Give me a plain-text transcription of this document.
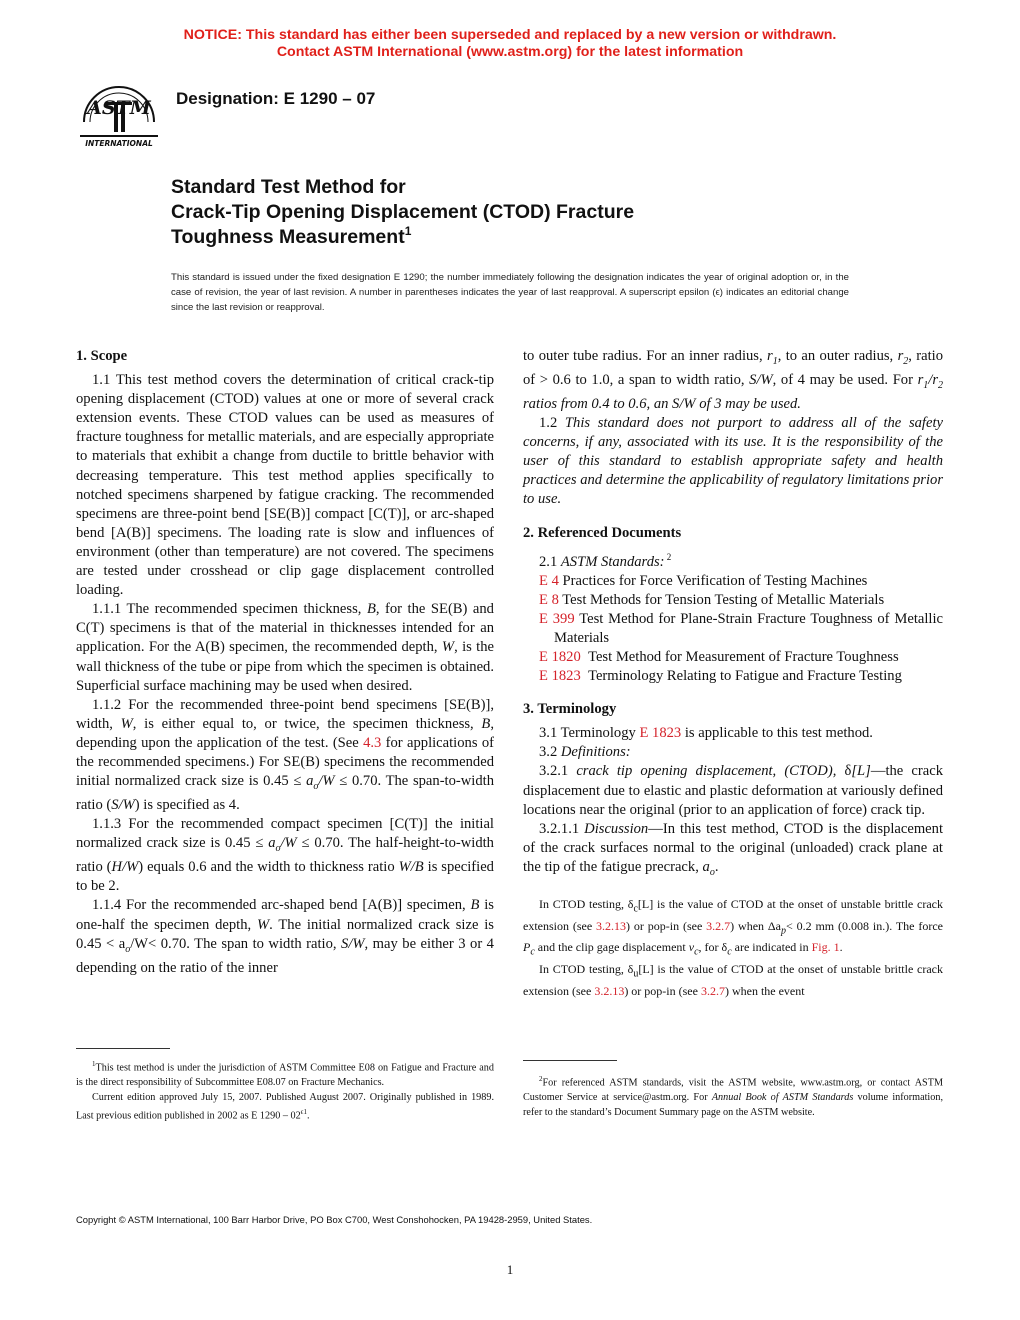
NOTICE: This standard has either been superseded and replaced by a new version or withdrawn.
Contact ASTM International (www.astm.org) for the latest information
ASTM
INTERNATIONAL
Designation: E 1290 – 07
Standard Test Method for
Crack-Tip Opening Displacement (CTOD) Fracture
Toughness Measurement$^1$
This standard is issued under the fixed designation E 1290; the number immediately following the designation indicates the year of original adoption or, in the case of revision, the year of last revision. A number in parentheses indicates the year of last reapproval. A superscript epsilon (ϵ) indicates an editorial change since the last revision or reapproval.
1. Scope

1.1 This test method covers the determination of critical crack-tip opening displacement (CTOD) values at one or more of several crack extension events. These CTOD values can be used as measures of fracture toughness for metallic materials, and are especially appropriate to materials that exhibit a change from ductile to brittle behavior with decreasing temperature. This test method applies specifically to notched specimens sharpened by fatigue cracking. The recommended specimens are three-point bend [SE(B)] compact [C(T)], or arc-shaped bend [A(B)] specimens. The loading rate is slow and influences of environment (other than temperature) are not covered. The specimens are tested under crosshead or clip gage displacement controlled loading.

1.1.1 The recommended specimen thickness, B, for the SE(B) and C(T) specimens is that of the material in thicknesses intended for an application. For the A(B) specimen, the recommended depth, W, is the wall thickness of the tube or pipe from which the specimen is obtained. Superficial surface machining may be used when desired.

1.1.2 For the recommended three-point bend specimens [SE(B)], width, W, is either equal to, or twice, the specimen thickness, B, depending upon the application of the test. (See 4.3 for applications of the recommended specimens.) For SE(B) specimens the recommended initial normalized crack size is $0.45 \le a_o/W \le 0.70$. The span-to-width ratio (S/W) is specified as 4.

1.1.3 For the recommended compact specimen [C(T)] the initial normalized crack size is $0.45 \le a_o/W \le 0.70$. The half-height-to-width ratio (H/W) equals 0.6 and the width to thickness ratio W/B is specified to be 2.

1.1.4 For the recommended arc-shaped bend [A(B)] specimen, B is one-half the specimen depth, W. The initial normalized crack size is $0.45 < a_o/W< 0.70$. The span to width ratio, S/W, may be either 3 or 4 depending on the ratio of the inner

to outer tube radius. For an inner radius, $r_1$, to an outer radius, $r_2$, ratio of > 0.6 to 1.0, a span to width ratio, S/W, of 4 may be used. For $r_1/r_2$ ratios from 0.4 to 0.6, an S/W of 3 may be used.

1.2 This standard does not purport to address all of the safety concerns, if any, associated with its use. It is the responsibility of the user of this standard to establish appropriate safety and health practices and determine the applicability of regulatory limitations prior to use.

2. Referenced Documents

2.1 ASTM Standards: $^2$

E 4 Practices for Force Verification of Testing Machines
E 8 Test Methods for Tension Testing of Metallic Materials
E 399 Test Method for Plane-Strain Fracture Toughness of Metallic Materials
E 1820 Test Method for Measurement of Fracture Toughness
E 1823 Terminology Relating to Fatigue and Fracture Testing
3. Terminology

3.1 Terminology E 1823 is applicable to this test method.

3.2 Definitions:

3.2.1 crack tip opening displacement, (CTOD), δ[L]—the crack displacement due to elastic and plastic deformation at variously defined locations near the original (prior to an application of force) crack tip.

3.2.1.1 Discussion—In this test method, CTOD is the displacement of the crack surfaces normal to the original (unloaded) crack plane at the tip of the fatigue precrack, $a_o$.

In CTOD testing, $\delta_c[L]$ is the value of CTOD at the onset of unstable brittle crack extension (see 3.2.13) or pop-in (see 3.2.7) when $\Delta a_p< 0.2$ mm (0.008 in.). The force $P_c$ and the clip gage displacement $v_c$, for $\delta_c$ are indicated in Fig. 1.

In CTOD testing, $\delta_u[L]$ is the value of CTOD at the onset of unstable brittle crack extension (see 3.2.13) or pop-in (see 3.2.7) when the event

$^1$This test method is under the jurisdiction of ASTM Committee E08 on Fatigue and Fracture and is the direct responsibility of Subcommittee E08.07 on Fracture Mechanics.

Current edition approved July 15, 2007. Published August 2007. Originally published in 1989. Last previous edition published in 2002 as E $1290 - 02^{\epsilon 1}$.

$^2$For referenced ASTM standards, visit the ASTM website, www.astm.org, or contact ASTM Customer Service at service@astm.org. For Annual Book of ASTM Standards volume information, refer to the standard’s Document Summary page on the ASTM website.

Copyright © ASTM International, 100 Barr Harbor Drive, PO Box C700, West Conshohocken, PA 19428-2959, United States.
1
